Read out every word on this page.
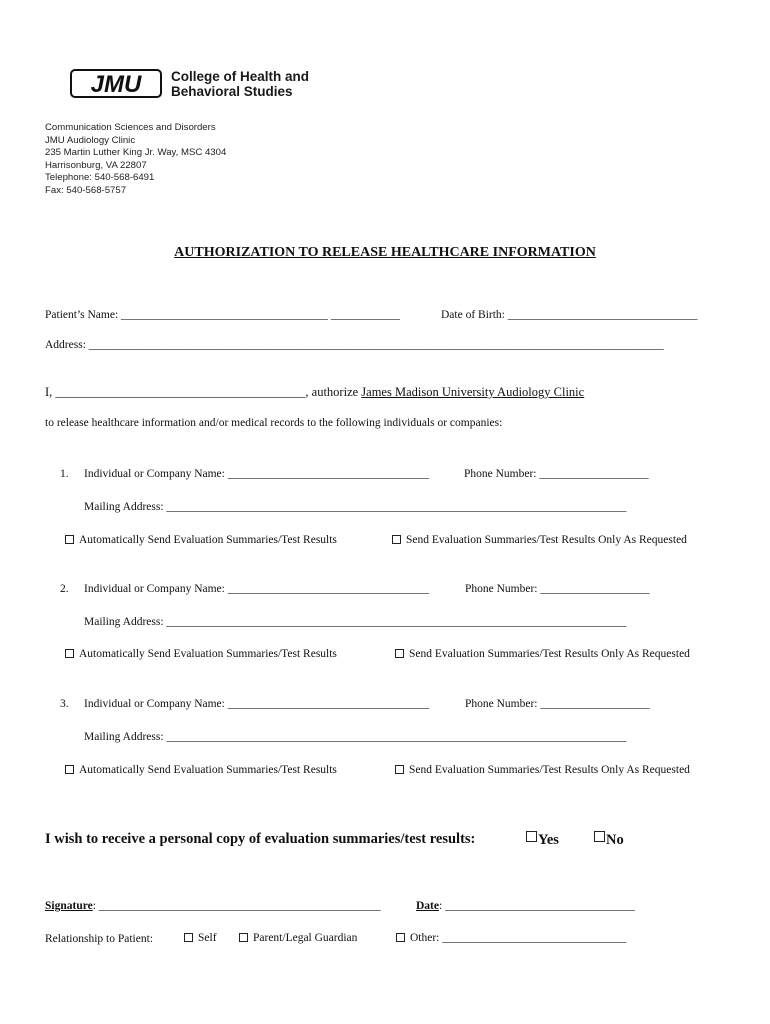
JMU College of Health and
Behavioral Studies
Communication Sciences and Disorders
JMU Audiology Clinic
235 Martin Luther King Jr. Way, MSC 4304
Harrisonburg, VA 22807
Telephone: 540-568-6491
Fax: 540-568-5757
AUTHORIZATION TO RELEASE HEALTHCARE INFORMATION
Patient’s Name: ____________________________________ ____________	Date of Birth: _________________________________
Address: ____________________________________________________________________________________________________
I, ________________________________________, authorize James Madison University Audiology Clinic
to release healthcare information and/or medical records to the following individuals or companies:
1. Individual or Company Name: ___________________________________	Phone Number: ___________________
Mailing Address: ________________________________________________________________________________
Automatically Send Evaluation Summaries/Test Results	Send Evaluation Summaries/Test Results Only As Requested
2. Individual or Company Name: ___________________________________	Phone Number: ___________________
Mailing Address: ________________________________________________________________________________
Automatically Send Evaluation Summaries/Test Results	Send Evaluation Summaries/Test Results Only As Requested
3. Individual or Company Name: ___________________________________	Phone Number: ___________________
Mailing Address: ________________________________________________________________________________
Automatically Send Evaluation Summaries/Test Results	Send Evaluation Summaries/Test Results Only As Requested
I wish to receive a personal copy of evaluation summaries/test results:	Yes	No
Signature: _________________________________________________	Date: _________________________________
Relationship to Patient:	Self	Parent/Legal Guardian	Other: ________________________________
